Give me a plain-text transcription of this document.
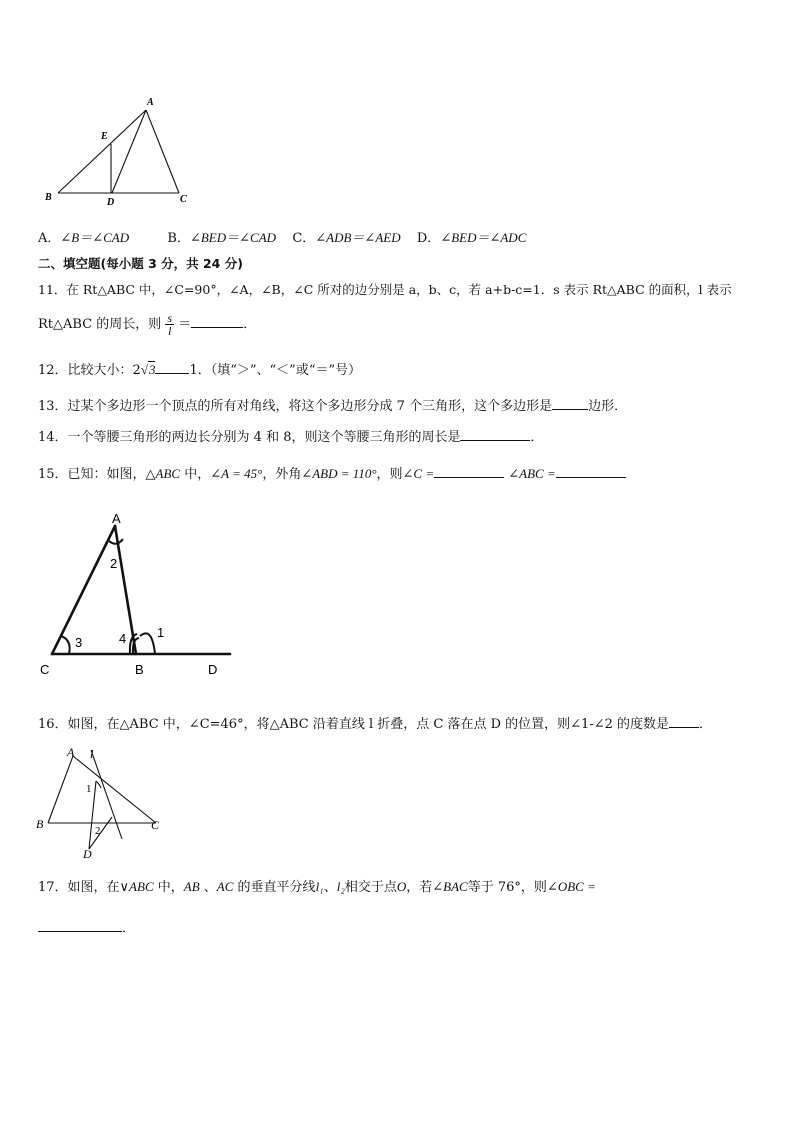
A
E
B	D	C
A．∠B＝∠CAD	B．∠BED＝∠CAD C．∠ADB＝∠AED D．∠BED＝∠ADC
二、填空题(每小题 3 分，共 24 分)
11．在 Rt△ABC 中，∠C=90°，∠A，∠B，∠C 所对的边分别是 a，b、c，若 a+b-c=1．s 表示 Rt△ABC 的面积，l 表示
Rt△ABC 的周长，则 $\frac{s}{l}$ ＝	．
12．比较大小：2√3	1．（填“＞”、“＜”或“＝”号）
13．过某个多边形一个顶点的所有对角线，将这个多边形分成 7 个三角形，这个多边形是	边形．
14．一个等腰三角形的两边长分别为 4 和 8，则这个等腰三角形的周长是	．
15．已知：如图，△ABC 中，∠A = 45°，外角∠ABD = 110°，则∠C =	∠ABC =
A
2
3	4 1
C	B	D
16．如图，在△ABC 中，∠C=46°，将△ABC 沿着直线 l 折叠，点 C 落在点 D 的位置，则∠1-∠2 的度数是 ．
A l
1
B	C
2
D
17．如图，在∨ABC 中，AB 、AC 的垂直平分线l₁、l₂相交于点O，若∠BAC等于 76°，则∠OBC =
．
